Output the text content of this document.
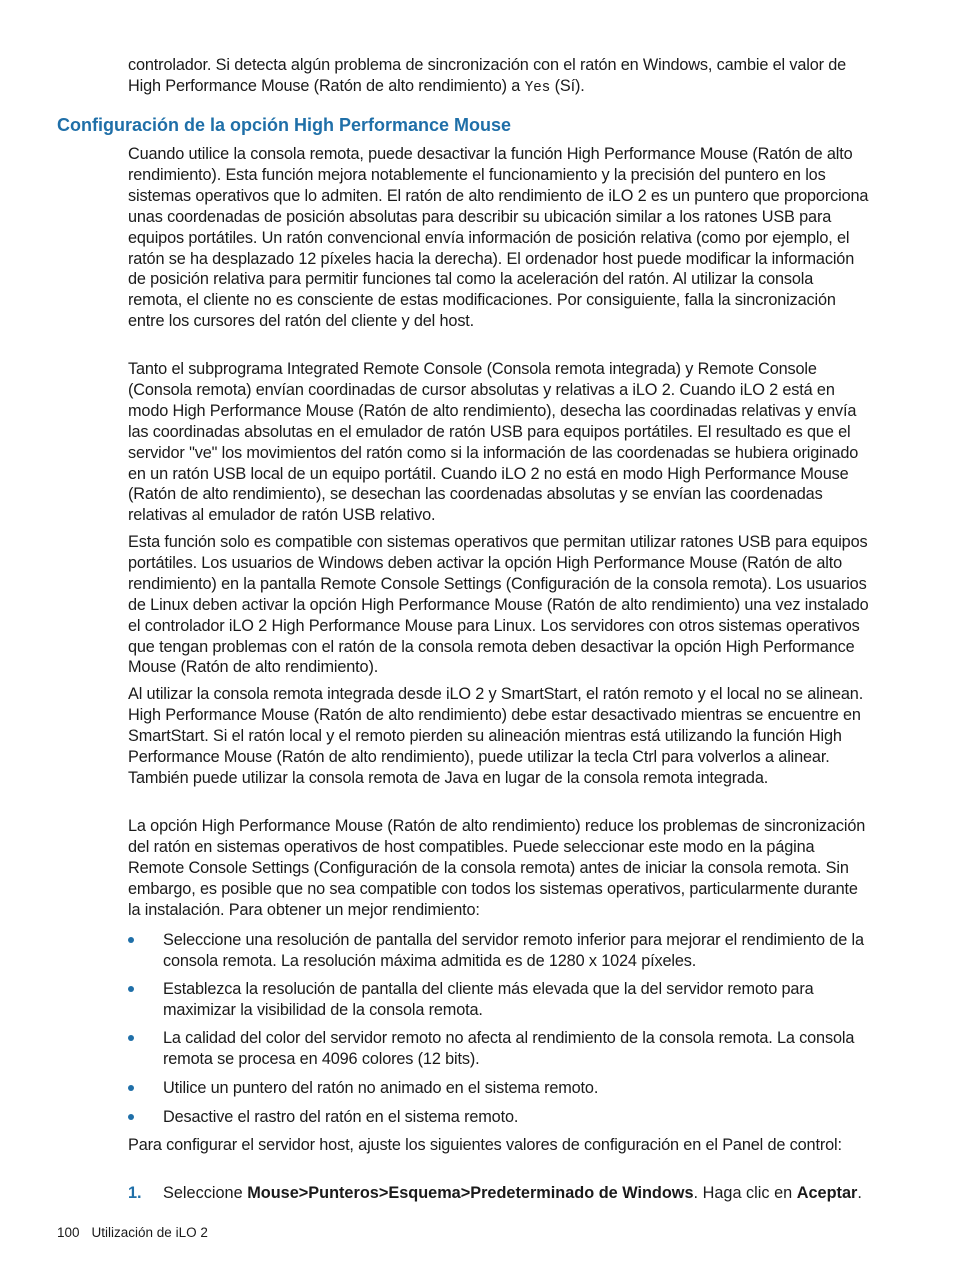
controlador. Si detecta algún problema de sincronización con el ratón en Windows, cambie el valor de High Performance Mouse (Ratón de alto rendimiento) a Yes (Sí).

Configuración de la opción High Performance Mouse

Cuando utilice la consola remota, puede desactivar la función High Performance Mouse (Ratón de alto rendimiento). Esta función mejora notablemente el funcionamiento y la precisión del puntero en los sistemas operativos que lo admiten. El ratón de alto rendimiento de iLO 2 es un puntero que proporciona unas coordenadas de posición absolutas para describir su ubicación similar a los ratones USB para equipos portátiles. Un ratón convencional envía información de posición relativa (como por ejemplo, el ratón se ha desplazado 12 píxeles hacia la derecha). El ordenador host puede modificar la información de posición relativa para permitir funciones tal como la aceleración del ratón. Al utilizar la consola remota, el cliente no es consciente de estas modificaciones. Por consiguiente, falla la sincronización entre los cursores del ratón del cliente y del host.

Tanto el subprograma Integrated Remote Console (Consola remota integrada) y Remote Console (Consola remota) envían coordinadas de cursor absolutas y relativas a iLO 2. Cuando iLO 2 está en modo High Performance Mouse (Ratón de alto rendimiento), desecha las coordinadas relativas y envía las coordinadas absolutas en el emulador de ratón USB para equipos portátiles. El resultado es que el servidor "ve" los movimientos del ratón como si la información de las coordenadas se hubiera originado en un ratón USB local de un equipo portátil. Cuando iLO 2 no está en modo High Performance Mouse (Ratón de alto rendimiento), se desechan las coordenadas absolutas y se envían las coordenadas relativas al emulador de ratón USB relativo.

Esta función solo es compatible con sistemas operativos que permitan utilizar ratones USB para equipos portátiles. Los usuarios de Windows deben activar la opción High Performance Mouse (Ratón de alto rendimiento) en la pantalla Remote Console Settings (Configuración de la consola remota). Los usuarios de Linux deben activar la opción High Performance Mouse (Ratón de alto rendimiento) una vez instalado el controlador iLO 2 High Performance Mouse para Linux. Los servidores con otros sistemas operativos que tengan problemas con el ratón de la consola remota deben desactivar la opción High Performance Mouse (Ratón de alto rendimiento).

Al utilizar la consola remota integrada desde iLO 2 y SmartStart, el ratón remoto y el local no se alinean. High Performance Mouse (Ratón de alto rendimiento) debe estar desactivado mientras se encuentre en SmartStart. Si el ratón local y el remoto pierden su alineación mientras está utilizando la función High Performance Mouse (Ratón de alto rendimiento), puede utilizar la tecla Ctrl para volverlos a alinear. También puede utilizar la consola remota de Java en lugar de la consola remota integrada.

La opción High Performance Mouse (Ratón de alto rendimiento) reduce los problemas de sincronización del ratón en sistemas operativos de host compatibles. Puede seleccionar este modo en la página Remote Console Settings (Configuración de la consola remota) antes de iniciar la consola remota. Sin embargo, es posible que no sea compatible con todos los sistemas operativos, particularmente durante la instalación. Para obtener un mejor rendimiento:

Seleccione una resolución de pantalla del servidor remoto inferior para mejorar el rendimiento de la consola remota. La resolución máxima admitida es de 1280 x 1024 píxeles.

Establezca la resolución de pantalla del cliente más elevada que la del servidor remoto para maximizar la visibilidad de la consola remota.

La calidad del color del servidor remoto no afecta al rendimiento de la consola remota. La consola remota se procesa en 4096 colores (12 bits).

Utilice un puntero del ratón no animado en el sistema remoto.

Desactive el rastro del ratón en el sistema remoto.

Para configurar el servidor host, ajuste los siguientes valores de configuración en el Panel de control:

1. Seleccione Mouse>Punteros>Esquema>Predeterminado de Windows. Haga clic en Aceptar.
100 Utilización de iLO 2
